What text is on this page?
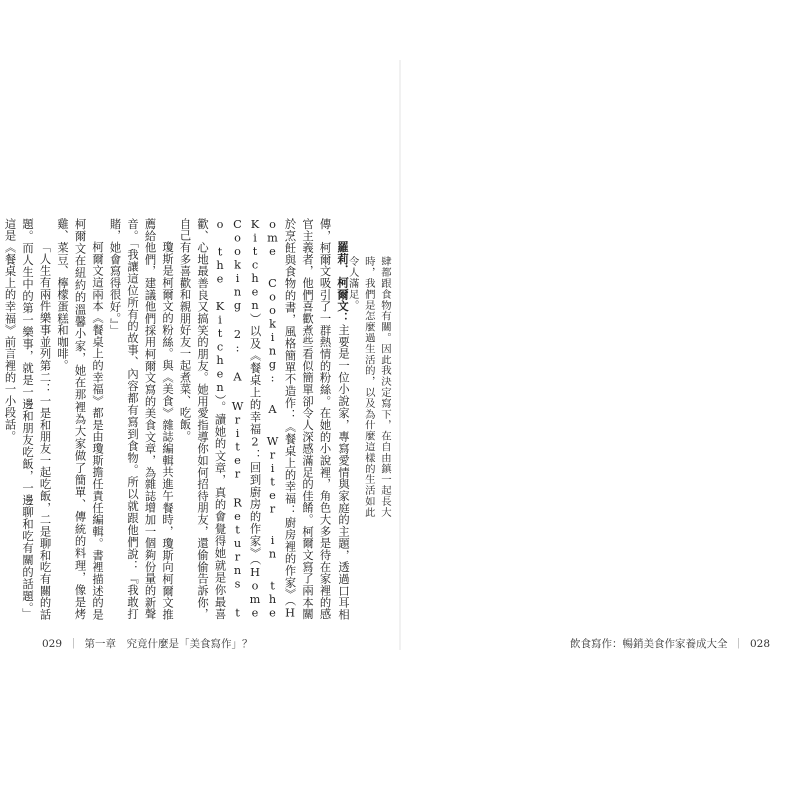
羅莉．柯爾文：主要是一位小說家，專寫愛情與家庭的主題，透過口耳相傳，柯爾文吸引了一群熱情的粉絲。在她的小說裡，角色大多是待在家裡的感官主義者，他們喜歡煮些看似簡單卻令人深感滿足的佳餚。柯爾文寫了兩本關於烹飪與食物的書，風格簡單不造作：《餐桌上的幸福：廚房裡的作家》（Home Cooking: A Writer in the Kitchen）以及《餐桌上的幸福2：回到廚房的作家》（Home Cooking 2: A Writer Returns to the Kitchen）。讀她的文章，真的會覺得她就是你最喜歡、心地最善良又搞笑的朋友。她用愛指導你如何招待朋友，還偷偷告訴你，自己有多喜歡和親朋好友一起煮菜、吃飯。

瓊斯是柯爾文的粉絲。與《美食》雜誌編輯共進午餐時，瓊斯向柯爾文推薦給他們，建議他們採用柯爾文寫的美食文章，為雜誌增加一個夠份量的新聲音。「我讓這位所有的故事、內容都有寫到食物。所以就跟他們說：『我敢打賭，她會寫得很好。』」

柯爾文這兩本《餐桌上的幸福》都是由瓊斯擔任責任編輯。書裡描述的是柯爾文在紐約的溫馨小家，她在那裡為大家做了簡單、傳統的料理，像是烤雞、菜豆、檸檬蛋糕和咖啡。

「人生有兩件樂事並列第二：一是和朋友一起吃飯，二是聊和吃有關的話題。而人生中的第一樂事，就是一邊和朋友吃飯，一邊聊和吃有關的話題。」這是《餐桌上的幸福》前言裡的一小段話。	肆都跟食物有關。因此我決定寫下，在自由鎮一起長大時，我們是怎麼過生活的，以及為什麼這樣的生活如此令人滿足。
029 ｜ 第一章　究竟什麼是「美食寫作」？	飲食寫作：暢銷美食作家養成大全 ｜ 028
